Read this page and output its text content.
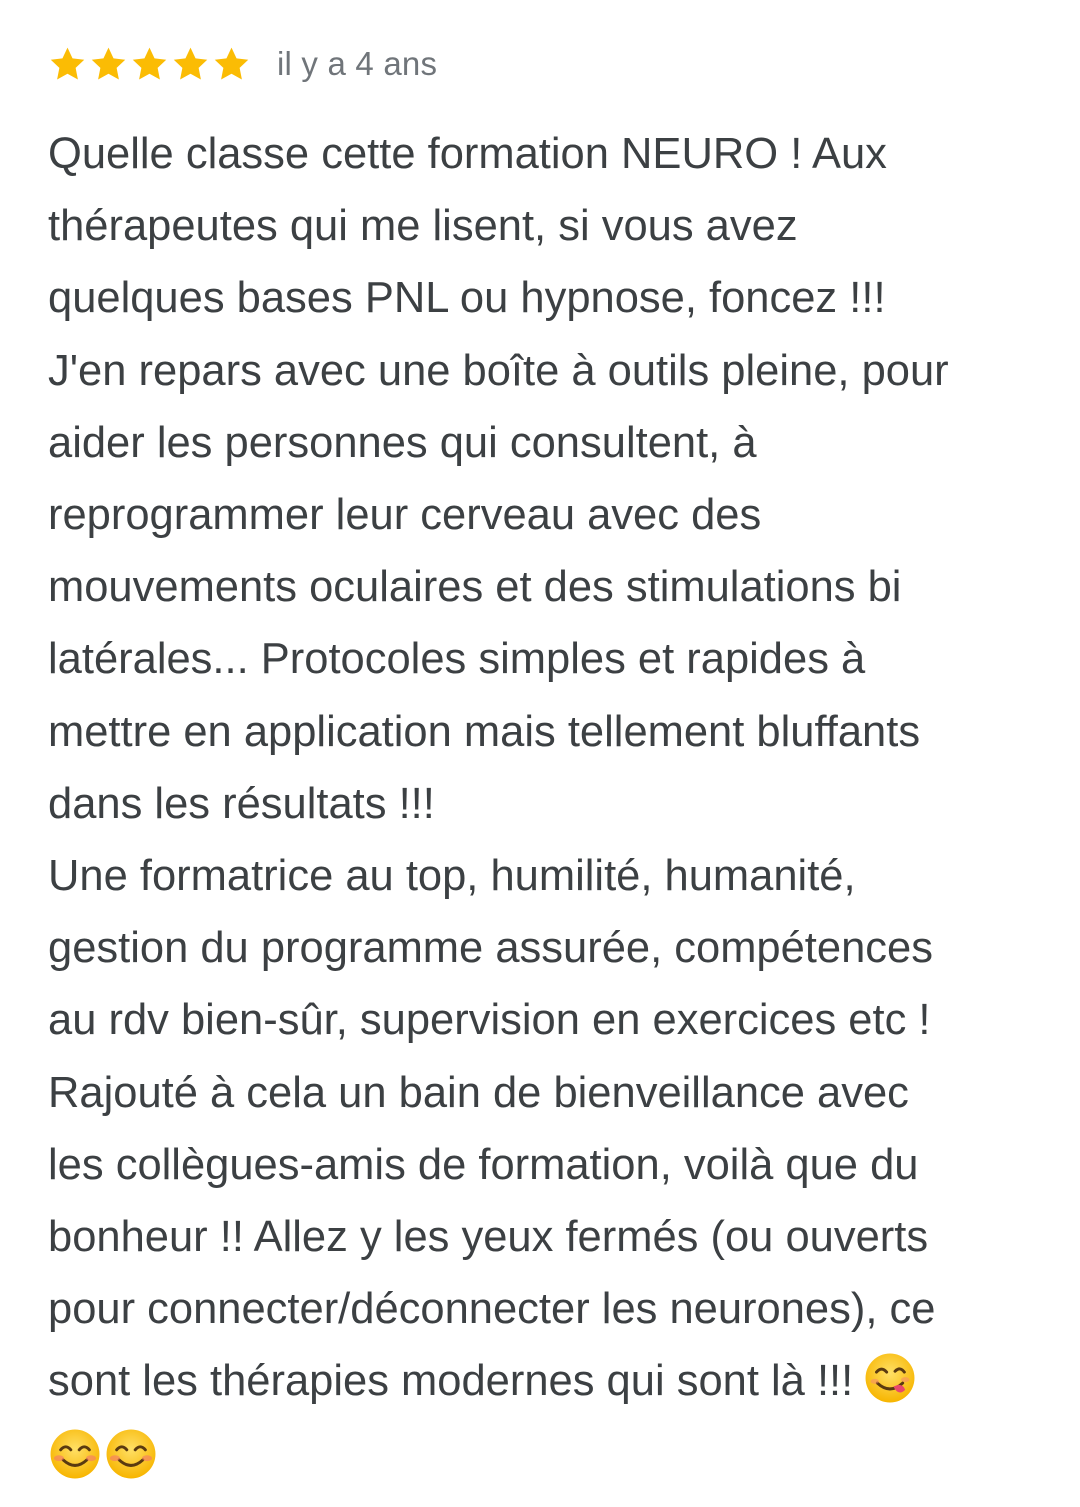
il y a 4 ans
Quelle classe cette formation NEURO ! Aux
thérapeutes qui me lisent, si vous avez
quelques bases PNL ou hypnose, foncez !!!
J'en repars avec une boîte à outils pleine, pour
aider les personnes qui consultent, à
reprogrammer leur cerveau avec des
mouvements oculaires et des stimulations bi
latérales... Protocoles simples et rapides à
mettre en application mais tellement bluffants
dans les résultats !!!
Une formatrice au top, humilité, humanité,
gestion du programme assurée, compétences
au rdv bien-sûr, supervision en exercices etc !
Rajouté à cela un bain de bienveillance avec
les collègues-amis de formation, voilà que du
bonheur !! Allez y les yeux fermés (ou ouverts
pour connecter/déconnecter les neurones), ce
sont les thérapies modernes qui sont là !!!
